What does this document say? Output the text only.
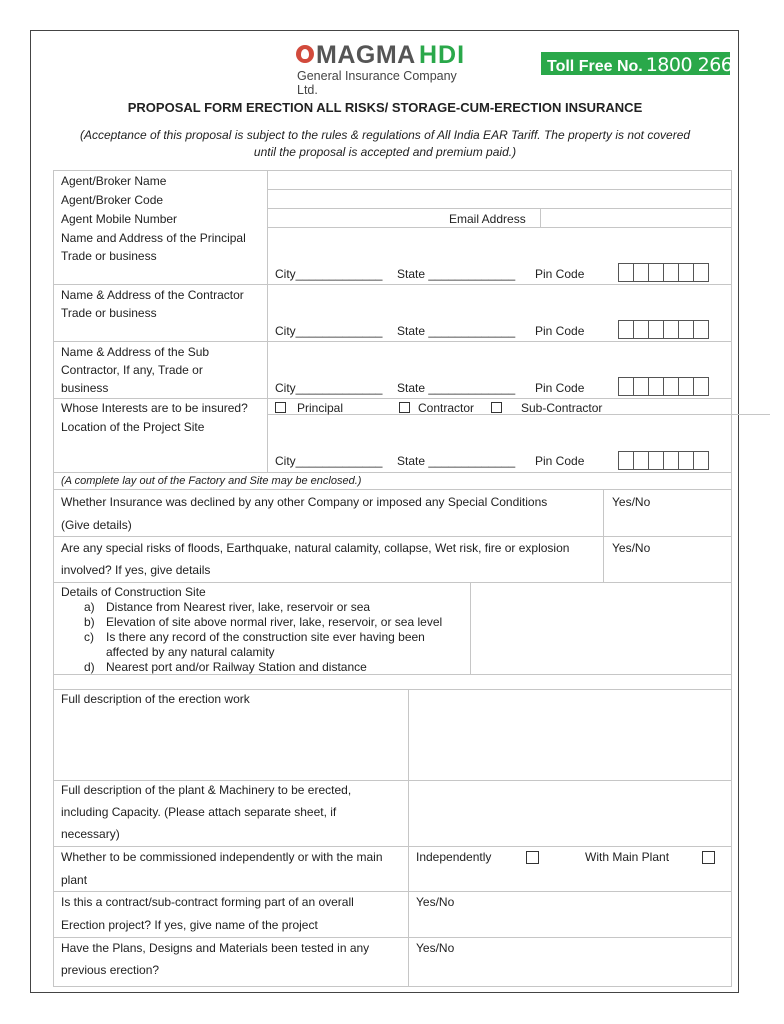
MAGMA HDI
General Insurance Company Ltd.
Toll Free No. 1800 266 3202
PROPOSAL FORM ERECTION ALL RISKS/ STORAGE-CUM-ERECTION INSURANCE
(Acceptance of this proposal is subject to the rules & regulations of All India EAR Tariff. The property is not covered
until the proposal is accepted and premium paid.)
Agent/Broker Name
Agent/Broker Code
Agent Mobile Number	Email Address
Name and Address of the Principal
Trade or business
City_____________ State _____________ Pin Code
Name & Address of the Contractor
Trade or business
City_____________ State _____________ Pin Code
Name & Address of the Sub
Contractor, If any, Trade or
business	City_____________ State _____________ Pin Code
Whose Interests are to be insured?	Principal	Contractor	Sub-Contractor
Location of the Project Site
City_____________ State _____________ Pin Code
(A complete lay out of the Factory and Site may be enclosed.)
Whether Insurance was declined by any other Company or imposed any Special Conditions
(Give details)
Yes/No
Are any special risks of floods, Earthquake, natural calamity, collapse, Wet risk, fire or explosion
involved? If yes, give details
Yes/No
Details of Construction Site
a) Distance from Nearest river, lake, reservoir or sea
b) Elevation of site above normal river, lake, reservoir, or sea level
c) Is there any record of the construction site ever having been
affected by any natural calamity
d) Nearest port and/or Railway Station and distance
Full description of the erection work
Full description of the plant & Machinery to be erected,
including Capacity. (Please attach separate sheet, if
necessary)
Whether to be commissioned independently or with the main
plant
Independently	With Main Plant
Is this a contract/sub-contract forming part of an overall
Erection project? If yes, give name of the project
Yes/No
Have the Plans, Designs and Materials been tested in any
previous erection?
Yes/No
